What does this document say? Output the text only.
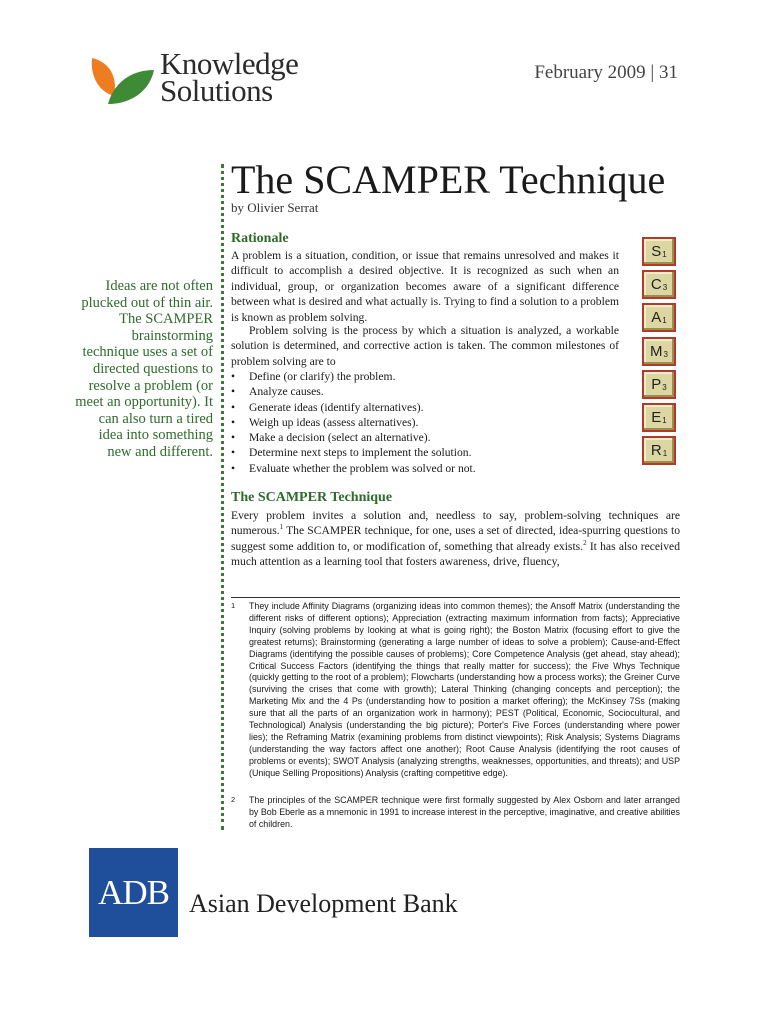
Knowledge
Solutions
February 2009 | 31
The SCAMPER Technique
by Olivier Serrat
Ideas are not often plucked out of thin air. The SCAMPER brainstorming technique uses a set of directed questions to resolve a problem (or meet an opportunity). It can also turn a tired idea into something new and different.
Rationale
A problem is a situation, condition, or issue that remains unresolved and makes it difficult to accomplish a desired objective. It is recognized as such when an individual, group, or organization becomes aware of a significant difference between what is desired and what actually is. Trying to find a solution to a problem is known as problem solving.
Problem solving is the process by which a situation is analyzed, a workable solution is determined, and corrective action is taken. The common milestones of problem solving are to
• Define (or clarify) the problem.
• Analyze causes.
• Generate ideas (identify alternatives).
• Weigh up ideas (assess alternatives).
• Make a decision (select an alternative).
• Determine next steps to implement the solution.
• Evaluate whether the problem was solved or not.
$S_1$
$C_3$
$A_1$
$M_3$
$P_3$
$E_1$
$R_1$
The SCAMPER Technique
Every problem invites a solution and, needless to say, problem-solving techniques are numerous.$^1$ The SCAMPER technique, for one, uses a set of directed, idea-spurring questions to suggest some addition to, or modification of, something that already exists.$^2$ It has also received much attention as a learning tool that fosters awareness, drive, fluency,
1 They include Affinity Diagrams (organizing ideas into common themes); the Ansoff Matrix (understanding the different risks of different options); Appreciation (extracting maximum information from facts); Appreciative Inquiry (solving problems by looking at what is going right); the Boston Matrix (focusing effort to give the greatest returns); Brainstorming (generating a large number of ideas to solve a problem); Cause-and-Effect Diagrams (identifying the possible causes of problems); Core Competence Analysis (get ahead, stay ahead); Critical Success Factors (identifying the things that really matter for success); the Five Whys Technique (quickly getting to the root of a problem); Flowcharts (understanding how a process works); the Greiner Curve (surviving the crises that come with growth); Lateral Thinking (changing concepts and perception); the Marketing Mix and the 4 Ps (understanding how to position a market offering); the McKinsey 7Ss (making sure that all the parts of an organization work in harmony); PEST (Political, Economic, Sociocultural, and Technological) Analysis (understanding the big picture); Porter's Five Forces (understanding where power lies); the Reframing Matrix (examining problems from distinct viewpoints); Risk Analysis; Systems Diagrams (understanding the way factors affect one another); Root Cause Analysis (identifying the root causes of problems or events); SWOT Analysis (analyzing strengths, weaknesses, opportunities, and threats); and USP (Unique Selling Propositions) Analysis (crafting competitive edge).
2 The principles of the SCAMPER technique were first formally suggested by Alex Osborn and later arranged by Bob Eberle as a mnemonic in 1991 to increase interest in the perceptive, imaginative, and creative abilities of children.
ADB Asian Development Bank
